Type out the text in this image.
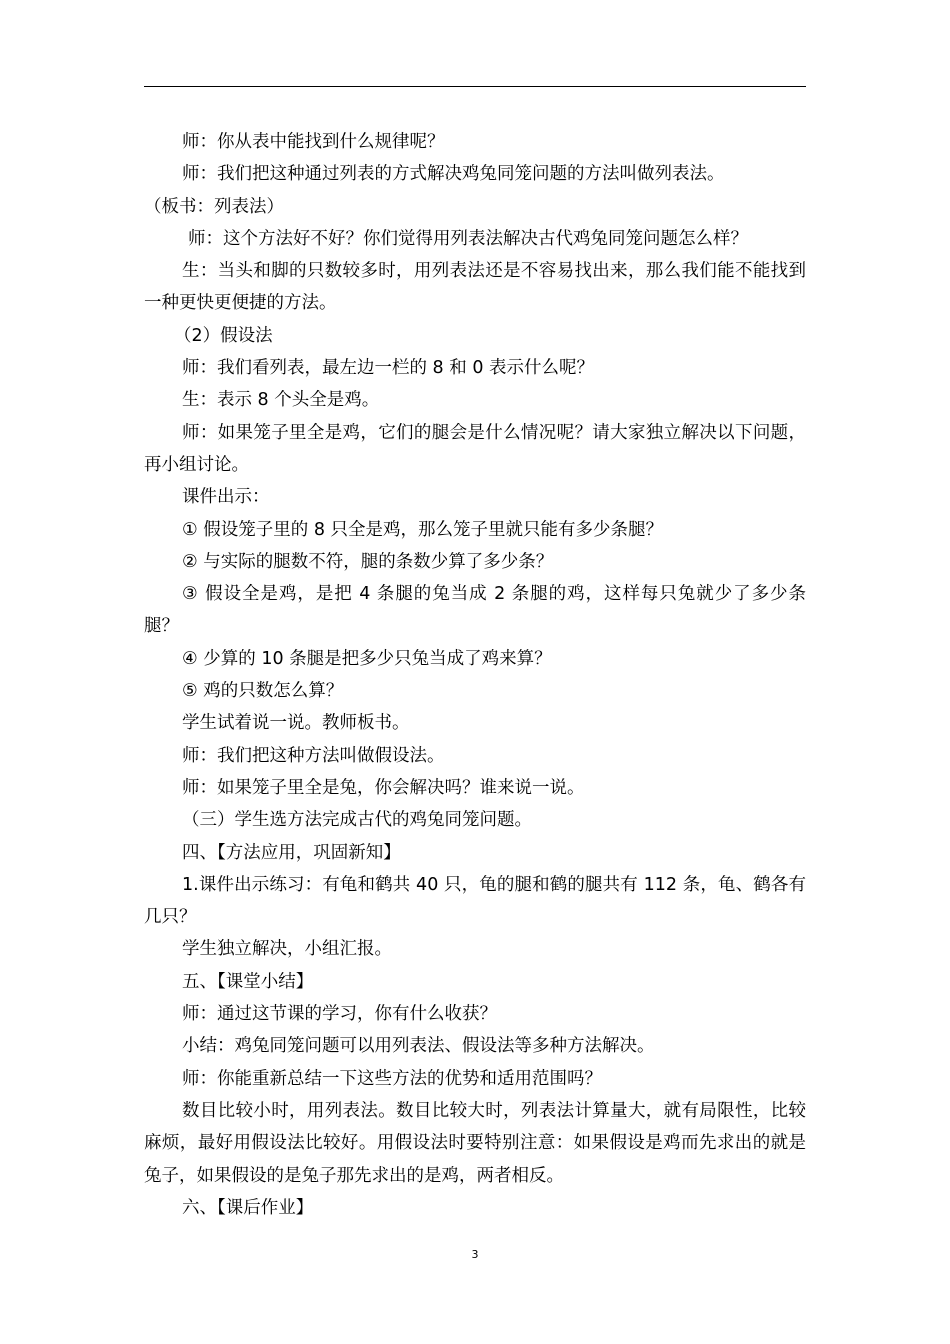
师：你从表中能找到什么规律呢？

师：我们把这种通过列表的方式解决鸡兔同笼问题的方法叫做列表法。

（板书：列表法）

师：这个方法好不好？你们觉得用列表法解决古代鸡兔同笼问题怎么样？

生：当头和脚的只数较多时，用列表法还是不容易找出来，那么我们能不能找到一种更快更便捷的方法。

（2）假设法

师：我们看列表，最左边一栏的 8 和 0 表示什么呢？

生：表示 8 个头全是鸡。

师：如果笼子里全是鸡，它们的腿会是什么情况呢？请大家独立解决以下问题，再小组讨论。

课件出示：

① 假设笼子里的 8 只全是鸡，那么笼子里就只能有多少条腿？

② 与实际的腿数不符，腿的条数少算了多少条？

③ 假设全是鸡，是把 4 条腿的兔当成 2 条腿的鸡，这样每只兔就少了多少条腿？

④ 少算的 10 条腿是把多少只兔当成了鸡来算？

⑤ 鸡的只数怎么算？

学生试着说一说。教师板书。

师：我们把这种方法叫做假设法。

师：如果笼子里全是兔，你会解决吗？谁来说一说。

（三）学生选方法完成古代的鸡兔同笼问题。

四、【方法应用，巩固新知】

1.课件出示练习：有龟和鹤共 40 只，龟的腿和鹤的腿共有 112 条，龟、鹤各有几只？

学生独立解决，小组汇报。

五、【课堂小结】

师：通过这节课的学习，你有什么收获？

小结：鸡兔同笼问题可以用列表法、假设法等多种方法解决。

师：你能重新总结一下这些方法的优势和适用范围吗？

数目比较小时，用列表法。数目比较大时，列表法计算量大，就有局限性，比较麻烦，最好用假设法比较好。用假设法时要特别注意：如果假设是鸡而先求出的就是兔子，如果假设的是兔子那先求出的是鸡，两者相反。

六、【课后作业】

3
